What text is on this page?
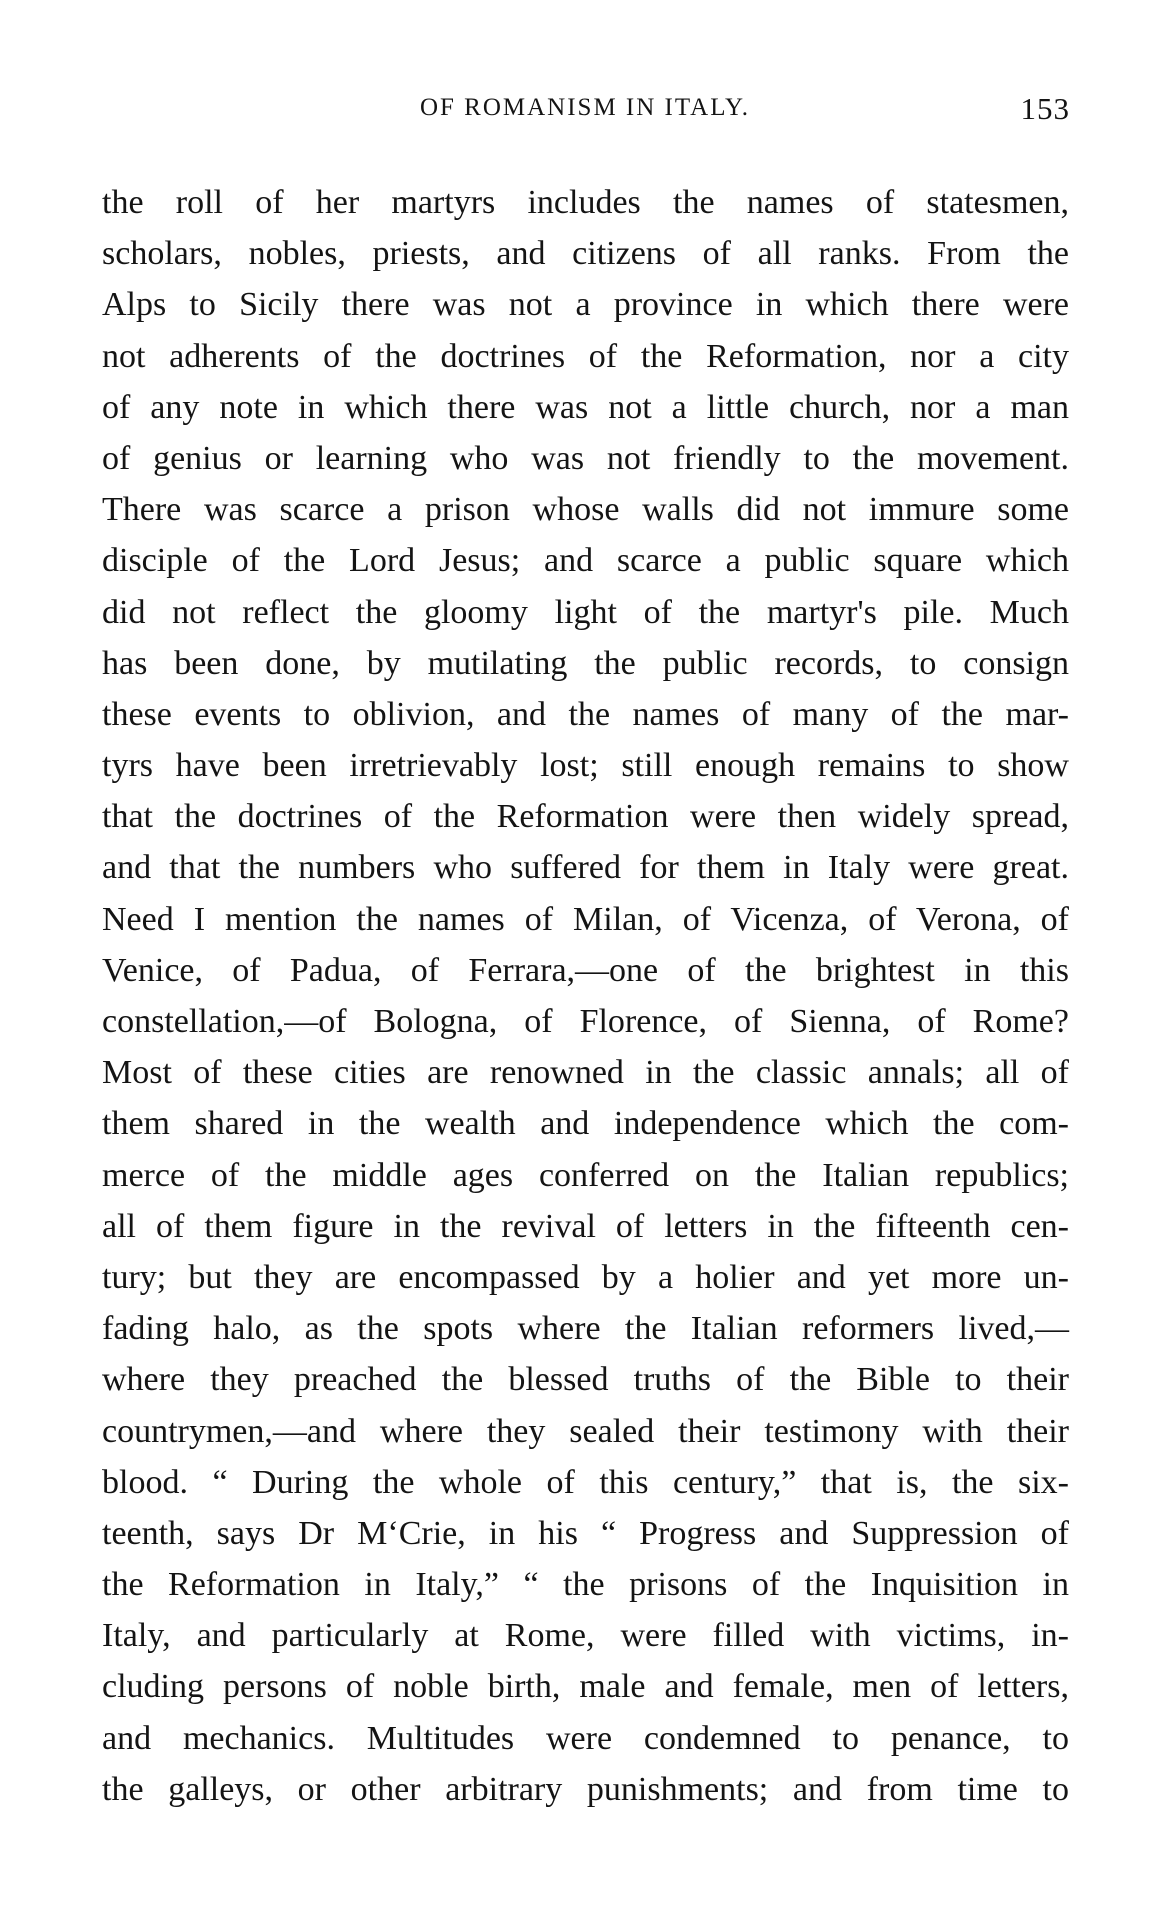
OF ROMANISM IN ITALY.	153
the roll of her martyrs includes the names of statesmen,
scholars, nobles, priests, and citizens of all ranks. From the
Alps to Sicily there was not a province in which there were
not adherents of the doctrines of the Reformation, nor a city
of any note in which there was not a little church, nor a man
of genius or learning who was not friendly to the movement.
There was scarce a prison whose walls did not immure some
disciple of the Lord Jesus; and scarce a public square which
did not reflect the gloomy light of the martyr's pile. Much
has been done, by mutilating the public records, to consign
these events to oblivion, and the names of many of the mar-
tyrs have been irretrievably lost; still enough remains to show
that the doctrines of the Reformation were then widely spread,
and that the numbers who suffered for them in Italy were great.
Need I mention the names of Milan, of Vicenza, of Verona, of
Venice, of Padua, of Ferrara,—one of the brightest in this
constellation,—of Bologna, of Florence, of Sienna, of Rome?
Most of these cities are renowned in the classic annals; all of
them shared in the wealth and independence which the com-
merce of the middle ages conferred on the Italian republics;
all of them figure in the revival of letters in the fifteenth cen-
tury; but they are encompassed by a holier and yet more un-
fading halo, as the spots where the Italian reformers lived,—
where they preached the blessed truths of the Bible to their
countrymen,—and where they sealed their testimony with their
blood. “ During the whole of this century,” that is, the six-
teenth, says Dr M‘Crie, in his “ Progress and Suppression of
the Reformation in Italy,” “ the prisons of the Inquisition in
Italy, and particularly at Rome, were filled with victims, in-
cluding persons of noble birth, male and female, men of letters,
and mechanics. Multitudes were condemned to penance, to
the galleys, or other arbitrary punishments; and from time to
